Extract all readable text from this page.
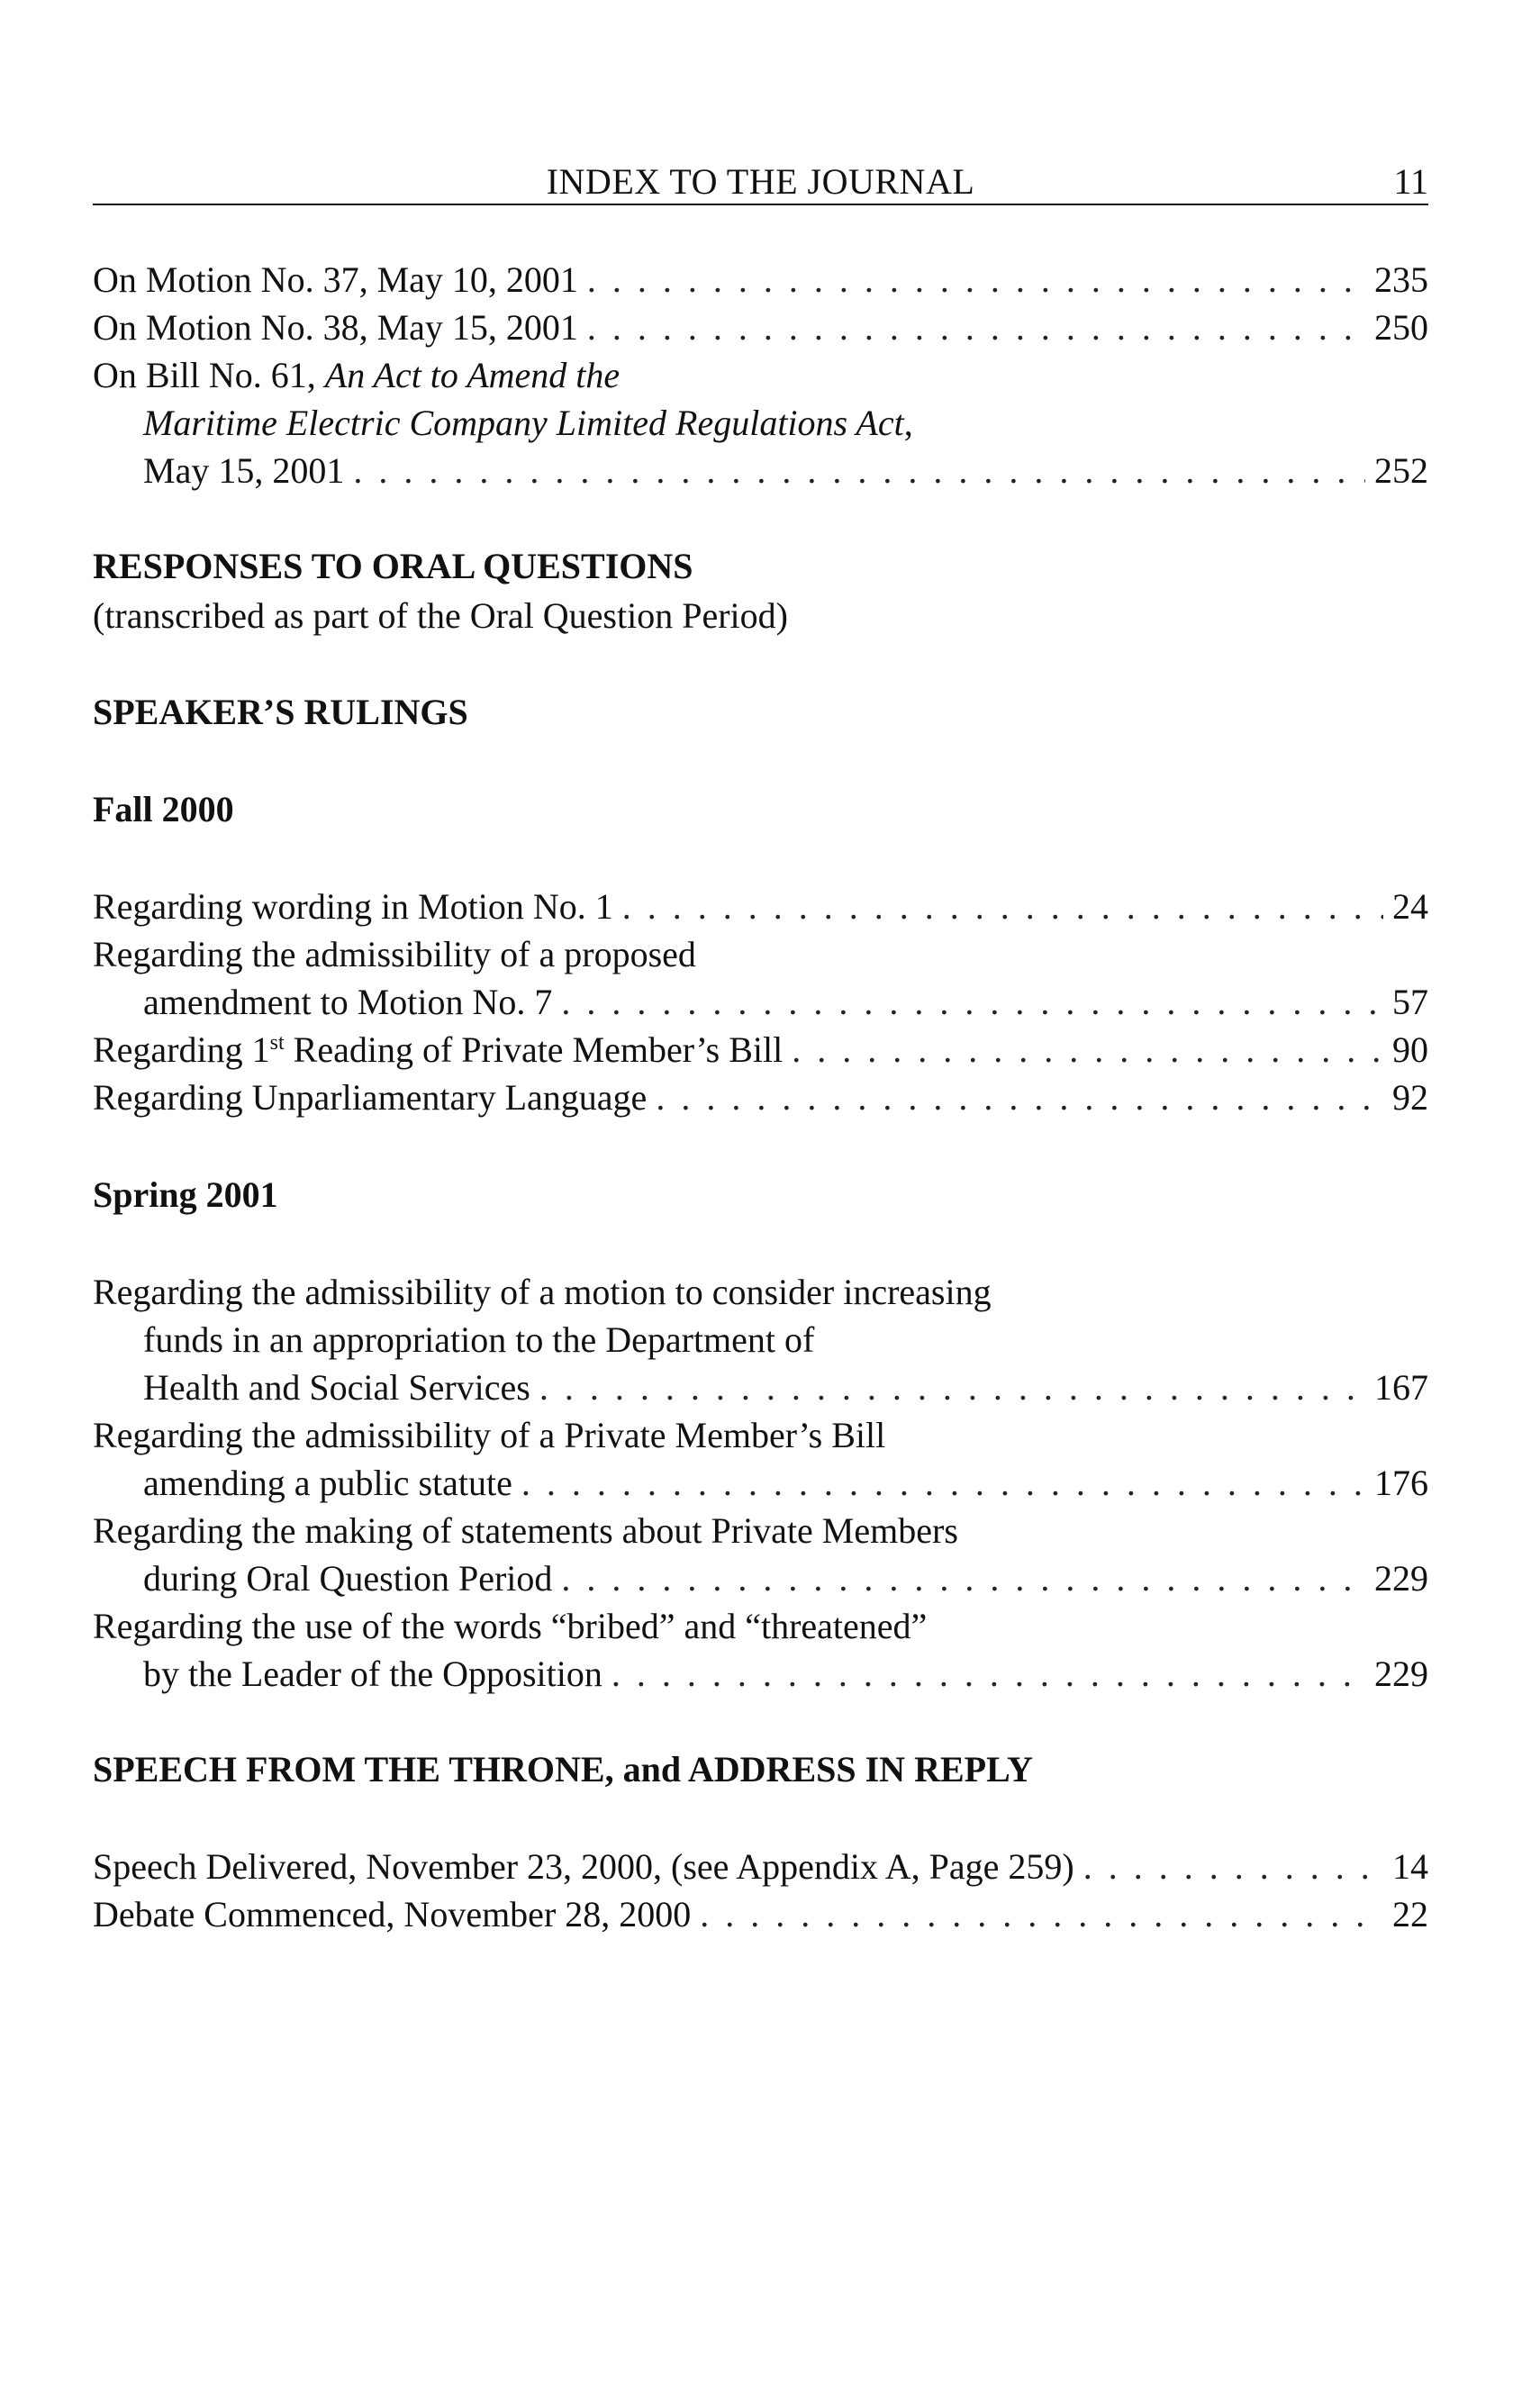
INDEX TO THE JOURNAL	11
On Motion No. 37, May 10, 2001 . . .	235
On Motion No. 38, May 15, 2001 . . .	250
On Bill No. 61, An Act to Amend the
Maritime Electric Company Limited Regulations Act,
May 15, 2001 . . .	252
RESPONSES TO ORAL QUESTIONS
(transcribed as part of the Oral Question Period)
SPEAKER’S RULINGS
Fall 2000
Regarding wording in Motion No. 1 . . .	24
Regarding the admissibility of a proposed
amendment to Motion No. 7 . . .	57
Regarding 1st Reading of Private Member’s Bill . . .	90
Regarding Unparliamentary Language . . .	92
Spring 2001
Regarding the admissibility of a motion to consider increasing
funds in an appropriation to the Department of
Health and Social Services . . .	167
Regarding the admissibility of a Private Member’s Bill
amending a public statute . . .	176
Regarding the making of statements about Private Members
during Oral Question Period . . .	229
Regarding the use of the words “bribed” and “threatened”
by the Leader of the Opposition . . .	229
SPEECH FROM THE THRONE, and ADDRESS IN REPLY
Speech Delivered, November 23, 2000, (see Appendix A, Page 259) . . .	14
Debate Commenced, November 28, 2000 . . .	22
